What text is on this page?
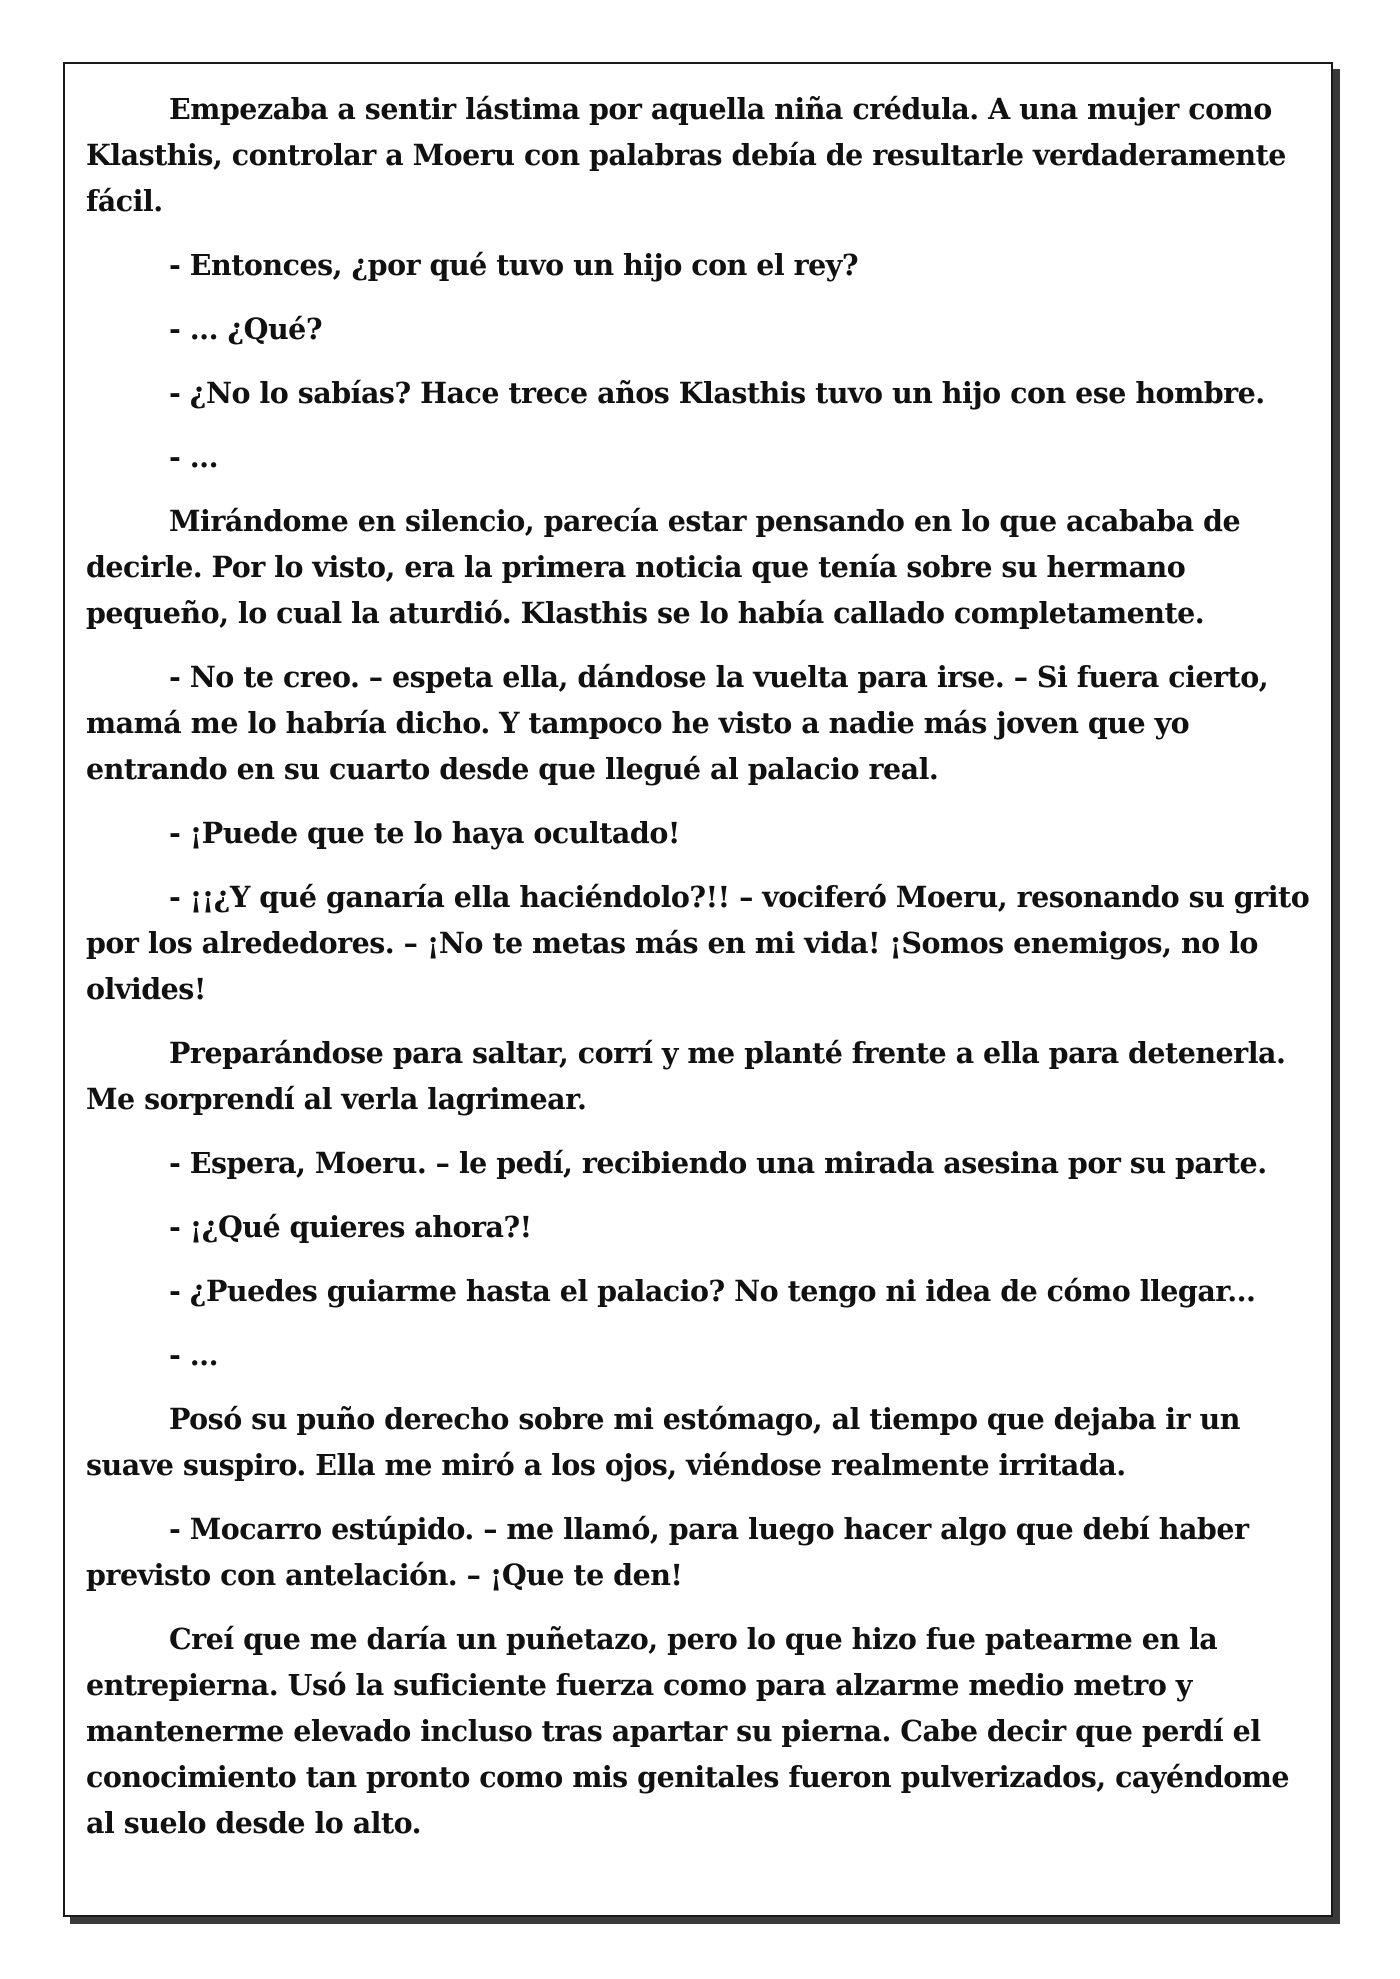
Empezaba a sentir lástima por aquella niña crédula. A una mujer como Klasthis, controlar a Moeru con palabras debía de resultarle verdaderamente fácil.

- Entonces, ¿por qué tuvo un hijo con el rey?

- ... ¿Qué?

- ¿No lo sabías? Hace trece años Klasthis tuvo un hijo con ese hombre.

- ...

Mirándome en silencio, parecía estar pensando en lo que acababa de decirle. Por lo visto, era la primera noticia que tenía sobre su hermano pequeño, lo cual la aturdió. Klasthis se lo había callado completamente.

- No te creo. – espeta ella, dándose la vuelta para irse. – Si fuera cierto, mamá me lo habría dicho. Y tampoco he visto a nadie más joven que yo entrando en su cuarto desde que llegué al palacio real.

- ¡Puede que te lo haya ocultado!

- ¡¡¿Y qué ganaría ella haciéndolo?!! – vociferó Moeru, resonando su grito por los alrededores. – ¡No te metas más en mi vida! ¡Somos enemigos, no lo olvides!

Preparándose para saltar, corrí y me planté frente a ella para detenerla. Me sorprendí al verla lagrimear.

- Espera, Moeru. – le pedí, recibiendo una mirada asesina por su parte.

- ¡¿Qué quieres ahora?!

- ¿Puedes guiarme hasta el palacio? No tengo ni idea de cómo llegar...

- ...

Posó su puño derecho sobre mi estómago, al tiempo que dejaba ir un suave suspiro. Ella me miró a los ojos, viéndose realmente irritada.

- Mocarro estúpido. – me llamó, para luego hacer algo que debí haber previsto con antelación. – ¡Que te den!

Creí que me daría un puñetazo, pero lo que hizo fue patearme en la entrepierna. Usó la suficiente fuerza como para alzarme medio metro y mantenerme elevado incluso tras apartar su pierna. Cabe decir que perdí el conocimiento tan pronto como mis genitales fueron pulverizados, cayéndome al suelo desde lo alto.
